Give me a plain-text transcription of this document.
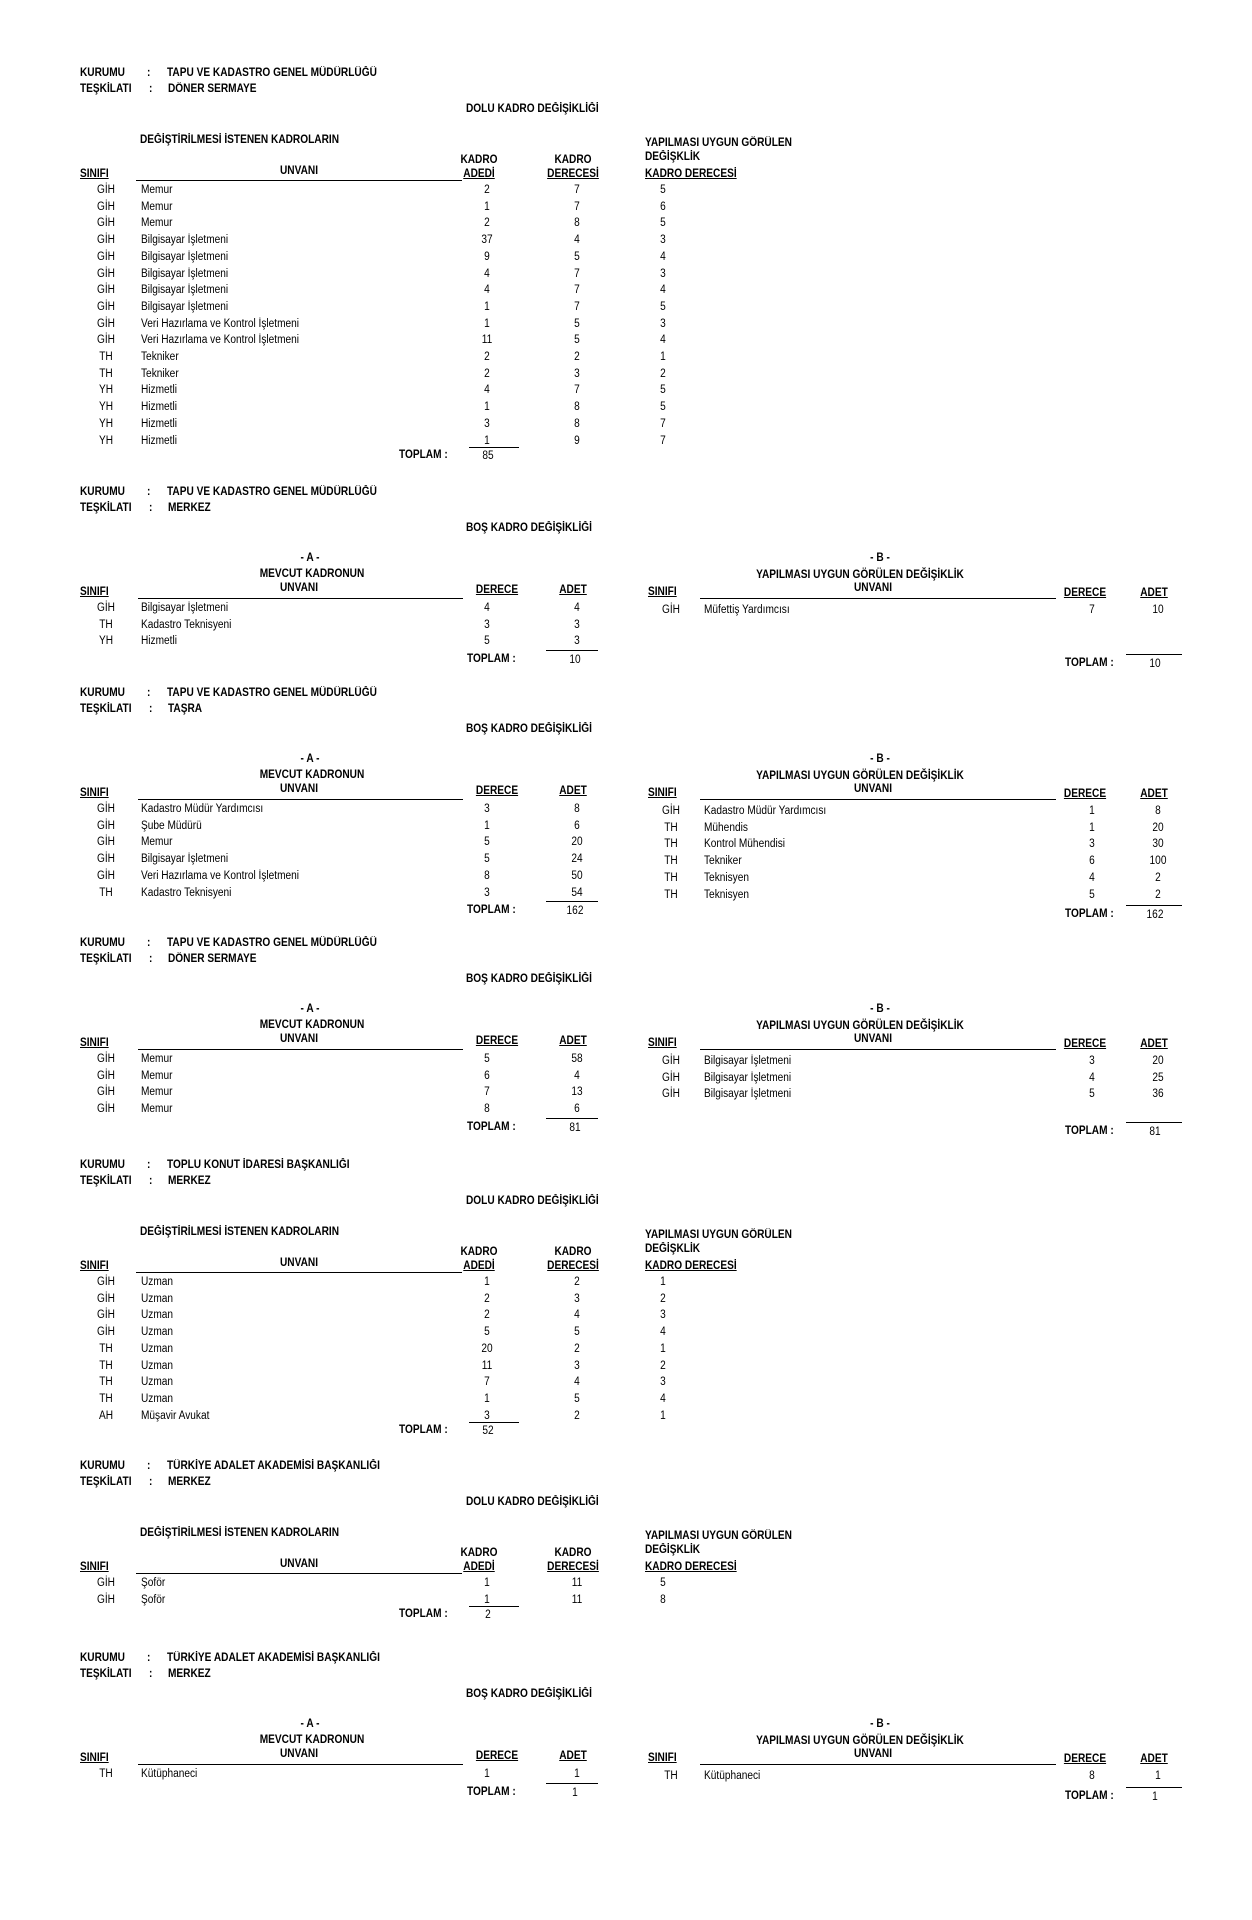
KURUMU : TAPU VE KADASTRO GENEL MÜDÜRLÜĞÜ
TEŞKİLATI : DÖNER SERMAYE
DOLU KADRO DEĞİŞİKLİĞİ
DEĞİŞTİRİLMESİ İSTENEN KADROLARIN
KADRO
ADEDİ
KADRO
DERECESİ
YAPILMASI UYGUN GÖRÜLEN
DEĞİŞKLİK
KADRO DERECESİ
SINIFI	UNVANI
GİH Memur	2	7	5
GİH Memur	1	7	6
GİH Memur	2	8	5
GİH Bilgisayar İşletmeni	37	4	3
GİH Bilgisayar İşletmeni	9	5	4
GİH Bilgisayar İşletmeni	4	7	3
GİH Bilgisayar İşletmeni	4	7	4
GİH Bilgisayar İşletmeni	1	7	5
GİH Veri Hazırlama ve Kontrol İşletmeni	1	5	3
GİH Veri Hazırlama ve Kontrol İşletmeni	11	5	4
TH Tekniker	2	2	1
TH Tekniker	2	3	2
YH Hizmetli	4	7	5
YH Hizmetli	1	8	5
YH Hizmetli	3	8	7
YH Hizmetli	1	9	7
TOPLAM :	85
KURUMU : TAPU VE KADASTRO GENEL MÜDÜRLÜĞÜ
TEŞKİLATI : MERKEZ
BOŞ KADRO DEĞİŞİKLİĞİ
- A -
MEVCUT KADRONUN
SINIFI	UNVANI	DERECE	ADET
- B -
YAPILMASI UYGUN GÖRÜLEN DEĞİŞİKLİK
SINIFI	UNVANI	DERECE	ADET
GİH Bilgisayar İşletmeni	4	4
TH Kadastro Teknisyeni	3	3
YH Hizmetli	5	3
TOPLAM :	10
GİH Müfettiş Yardımcısı	7	10
TOPLAM :	10
KURUMU : TAPU VE KADASTRO GENEL MÜDÜRLÜĞÜ
TEŞKİLATI : TAŞRA
BOŞ KADRO DEĞİŞİKLİĞİ
- A -
MEVCUT KADRONUN
SINIFI	UNVANI	DERECE	ADET
- B -
YAPILMASI UYGUN GÖRÜLEN DEĞİŞİKLİK
SINIFI	UNVANI	DERECE	ADET
GİH Kadastro Müdür Yardımcısı	3	8
GİH Şube Müdürü	1	6
GİH Memur	5	20
GİH Bilgisayar İşletmeni	5	24
GİH Veri Hazırlama ve Kontrol İşletmeni	8	50
TH Kadastro Teknisyeni	3	54
TOPLAM :	162
GİH Kadastro Müdür Yardımcısı	1	8
TH Mühendis	1	20
TH Kontrol Mühendisi	3	30
TH Tekniker	6	100
TH Teknisyen	4	2
TH Teknisyen	5	2
TOPLAM :	162
KURUMU : TAPU VE KADASTRO GENEL MÜDÜRLÜĞÜ
TEŞKİLATI : DÖNER SERMAYE
BOŞ KADRO DEĞİŞİKLİĞİ
- A -
MEVCUT KADRONUN
SINIFI	UNVANI	DERECE	ADET
- B -
YAPILMASI UYGUN GÖRÜLEN DEĞİŞİKLİK
SINIFI	UNVANI	DERECE	ADET
GİH Memur	5	58
GİH Memur	6	4
GİH Memur	7	13
GİH Memur	8	6
TOPLAM :	81
GİH Bilgisayar İşletmeni	3	20
GİH Bilgisayar İşletmeni	4	25
GİH Bilgisayar İşletmeni	5	36
TOPLAM :	81
KURUMU : TOPLU KONUT İDARESİ BAŞKANLIĞI
TEŞKİLATI : MERKEZ
DOLU KADRO DEĞİŞİKLİĞİ
DEĞİŞTİRİLMESİ İSTENEN KADROLARIN
KADRO
ADEDİ
KADRO
DERECESİ
YAPILMASI UYGUN GÖRÜLEN
DEĞİŞKLİK
KADRO DERECESİ
SINIFI	UNVANI
GİH Uzman	1	2	1
GİH Uzman	2	3	2
GİH Uzman	2	4	3
GİH Uzman	5	5	4
TH Uzman	20	2	1
TH Uzman	11	3	2
TH Uzman	7	4	3
TH Uzman	1	5	4
AH Müşavir Avukat	3	2	1
TOPLAM :	52
KURUMU : TÜRKİYE ADALET AKADEMİSİ BAŞKANLIĞI
TEŞKİLATI : MERKEZ
DOLU KADRO DEĞİŞİKLİĞİ
DEĞİŞTİRİLMESİ İSTENEN KADROLARIN
KADRO
ADEDİ
KADRO
DERECESİ
YAPILMASI UYGUN GÖRÜLEN
DEĞİŞKLİK
KADRO DERECESİ
SINIFI	UNVANI
GİH Şoför	1	11	5
GİH Şoför	1	11	8
TOPLAM :	2
KURUMU : TÜRKİYE ADALET AKADEMİSİ BAŞKANLIĞI
TEŞKİLATI : MERKEZ
BOŞ KADRO DEĞİŞİKLİĞİ
- A -
MEVCUT KADRONUN
SINIFI	UNVANI	DERECE	ADET
- B -
YAPILMASI UYGUN GÖRÜLEN DEĞİŞİKLİK
SINIFI	UNVANI	DERECE	ADET
TH Kütüphaneci	1	1
TOPLAM :	1
TH Kütüphaneci	8	1
TOPLAM :	1
